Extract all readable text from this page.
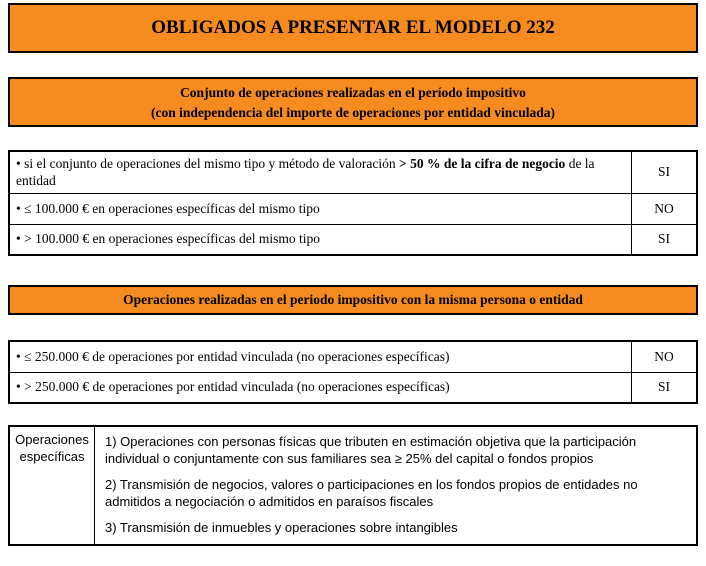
OBLIGADOS A PRESENTAR EL MODELO 232
Conjunto de operaciones realizadas en el período impositivo
(con independencia del importe de operaciones por entidad vinculada)
• si el conjunto de operaciones del mismo tipo y método de valoración > 50 % de la cifra de negocio de la entidad	SI
• ≤ 100.000 € en operaciones específicas del mismo tipo	NO
• > 100.000 € en operaciones específicas del mismo tipo	SI
Operaciones realizadas en el periodo impositivo con la misma persona o entidad
• ≤ 250.000 € de operaciones por entidad vinculada (no operaciones específicas)	NO
• > 250.000 € de operaciones por entidad vinculada (no operaciones específicas)	SI
Operaciones específicas	
1) Operaciones con personas físicas que tributen en estimación objetiva que la participación individual o conjuntamente con sus familiares sea ≥ 25% del capital o fondos propios
2) Transmisión de negocios, valores o participaciones en los fondos propios de entidades no admitidos a negociación o admitidos en paraísos fiscales
3) Transmisión de inmuebles y operaciones sobre intangibles
